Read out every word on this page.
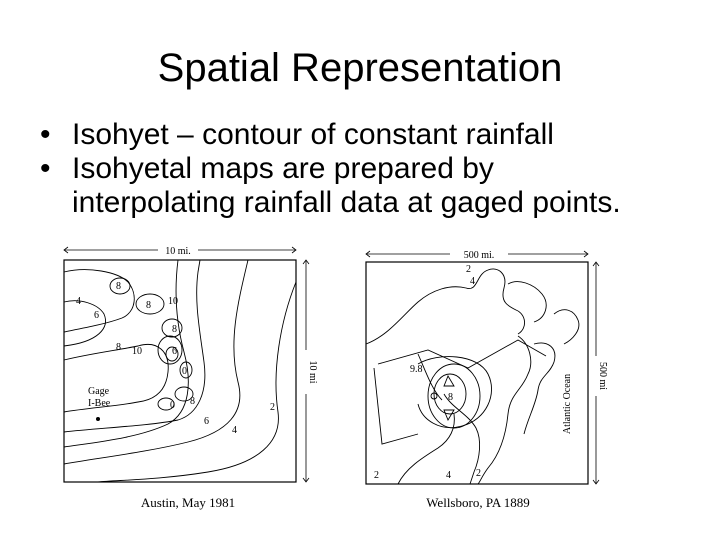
Spatial Representation
• Isohyet – contour of constant rainfall
• Isohyetal maps are prepared by
interpolating rainfall data at gaged points.
10 mi.
10 mi
8
4
6
8 10
8
8 10	6
0
0 8
6
4
2
Gage
I-Bee
Austin, May 1981
500 mi.
500 mi
Atlantic Ocean
2
4
9.8
8
2	4	2
Wellsboro, PA 1889
